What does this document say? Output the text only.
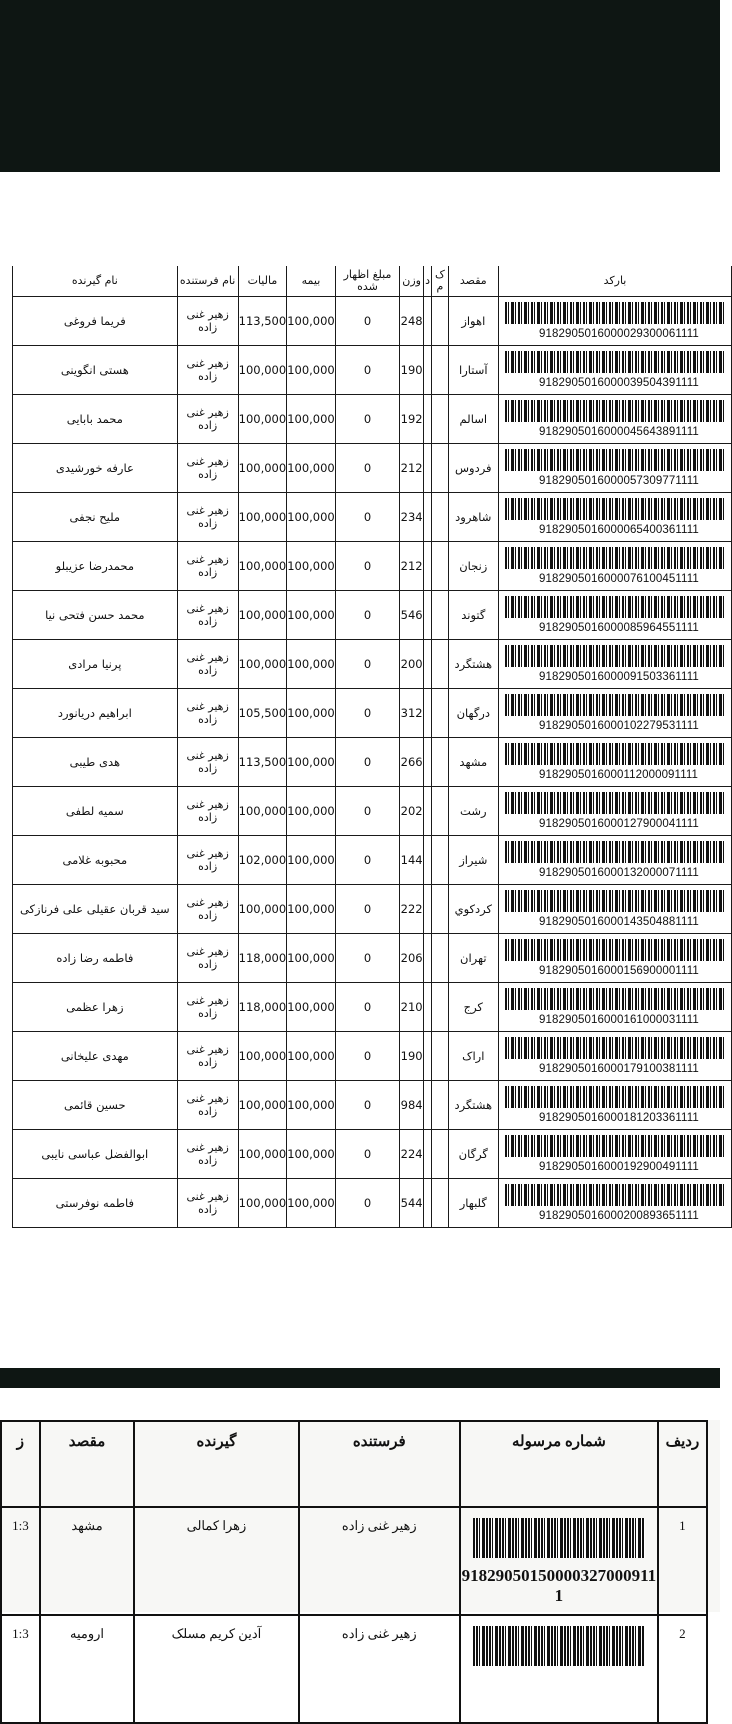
بارکد	مقصد	ک م	د	وزن	مبلغ اظهار شده	بیمه	مالیات	نام فرستنده	نام گیرنده

9182905016000029300061111	اهواز			248	0	100,000	113,500	زهیر غنی زاده	فریما فروغی

9182905016000039504391111	آستارا			190	0	100,000	100,000	زهیر غنی زاده	هستی انگوینی

9182905016000045643891111	اسالم			192	0	100,000	100,000	زهیر غنی زاده	محمد بابایی

9182905016000057309771111	فردوس			212	0	100,000	100,000	زهیر غنی زاده	عارفه خورشیدی

9182905016000065400361111	شاهرود			234	0	100,000	100,000	زهیر غنی زاده	ملیح نجفی

9182905016000076100451111	زنجان			212	0	100,000	100,000	زهیر غنی زاده	محمدرضا عزیبلو

9182905016000085964551111	گتوند			546	0	100,000	100,000	زهیر غنی زاده	محمد حسن فتحی نیا

9182905016000091503361111	هشتگرد			200	0	100,000	100,000	زهیر غنی زاده	پرنیا مرادی

9182905016000102279531111	درگهان			312	0	100,000	105,500	زهیر غنی زاده	ابراهیم دریانورد

9182905016000112000091111	مشهد			266	0	100,000	113,500	زهیر غنی زاده	هدی طیبی

9182905016000127900041111	رشت			202	0	100,000	100,000	زهیر غنی زاده	سمیه لطفی

9182905016000132000071111	شیراز			144	0	100,000	102,000	زهیر غنی زاده	محبوبه غلامی

9182905016000143504881111	کردکوي			222	0	100,000	100,000	زهیر غنی زاده	سید قربان عقیلی علی فرنازکی

9182905016000156900001111	تهران			206	0	100,000	118,000	زهیر غنی زاده	فاطمه رضا زاده

9182905016000161000031111	کرج			210	0	100,000	118,000	زهیر غنی زاده	زهرا عظمی

9182905016000179100381111	اراک			190	0	100,000	100,000	زهیر غنی زاده	مهدی علیخانی

9182905016000181203361111	هشتگرد			984	0	100,000	100,000	زهیر غنی زاده	حسین قائمی

9182905016000192900491111	گرگان			224	0	100,000	100,000	زهیر غنی زاده	ابوالفضل عباسی نایبی

9182905016000200893651111	گلبهار			544	0	100,000	100,000	زهیر غنی زاده	فاطمه نوفرستی
ردیف	شماره مرسوله	فرستنده	گیرنده	مقصد	ز
1	91829050150000327000911 1	زهیر غنی زاده	زهرا کمالی	مشهد	1:3
2		زهیر غنی زاده	آدین کریم مسلک	ارومیه	1:3
